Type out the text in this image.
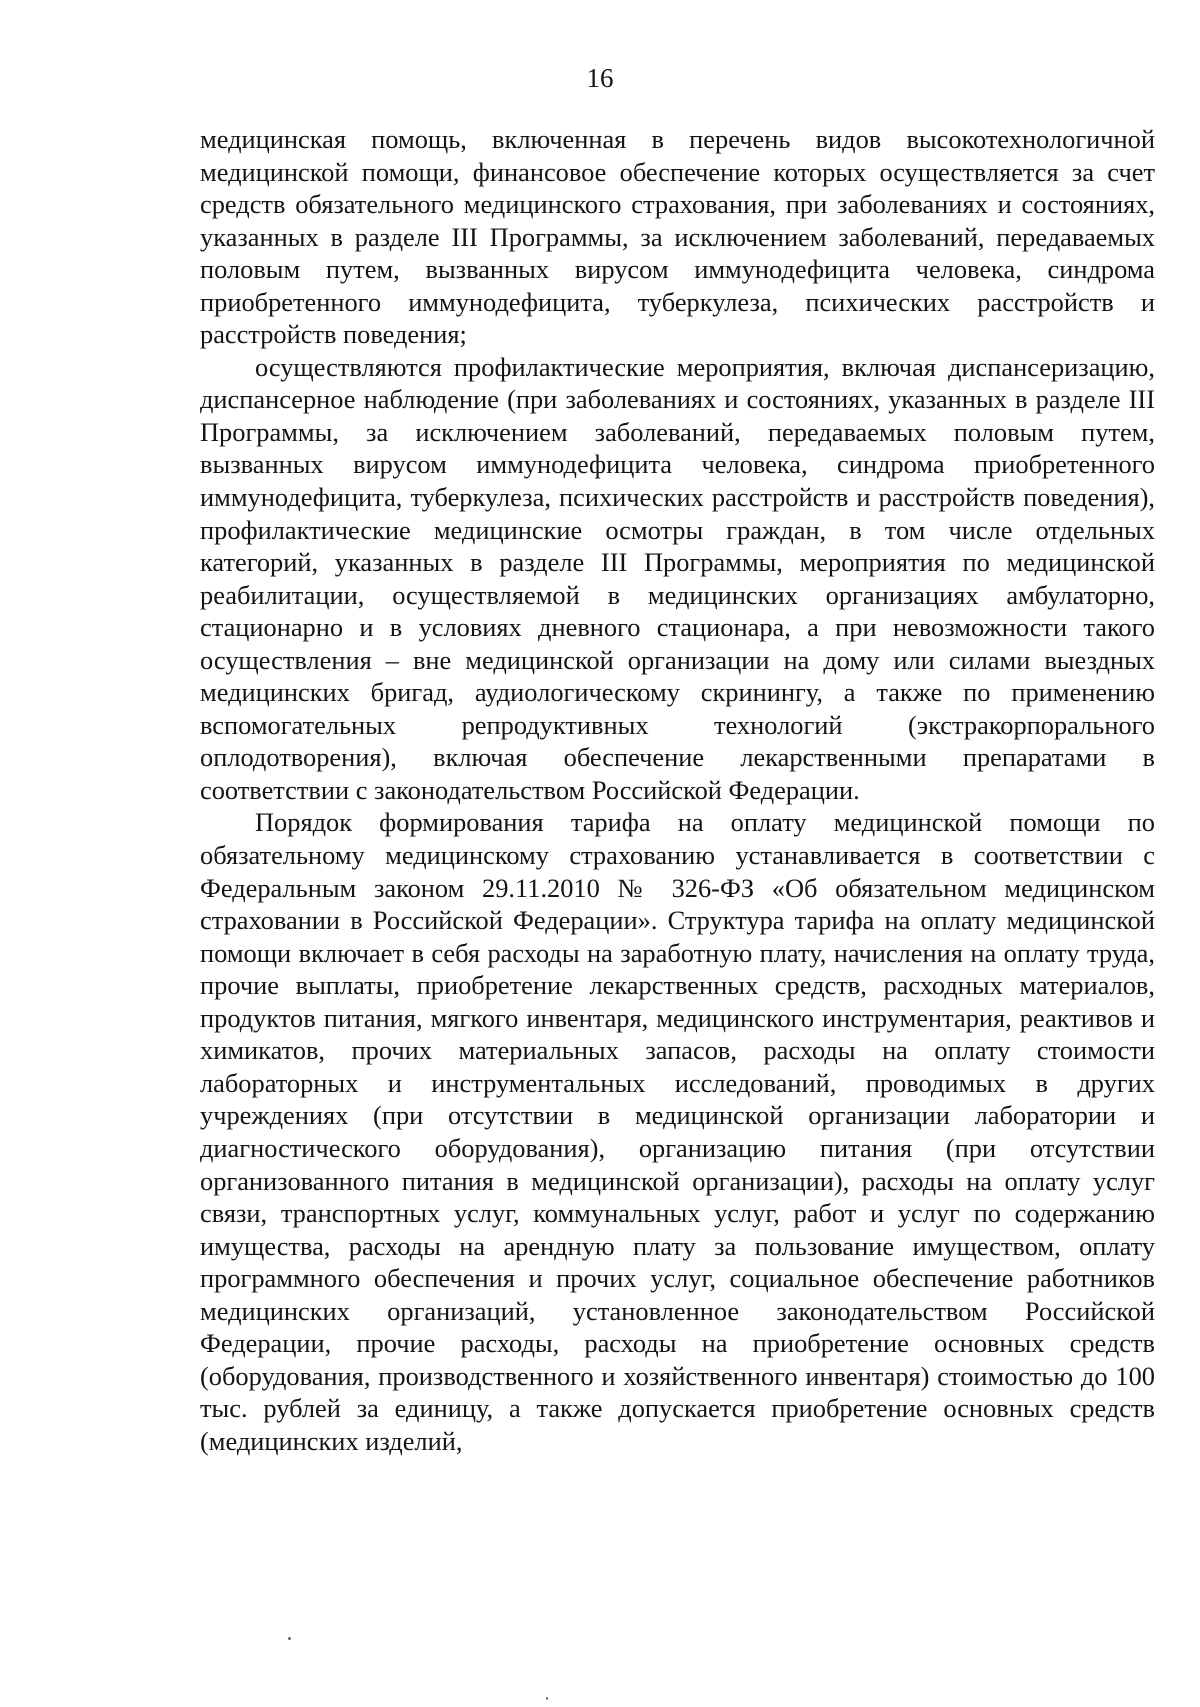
16

медицинская помощь, включенная в перечень видов высокотехнологичной медицинской помощи, финансовое обеспечение которых осуществляется за счет средств обязательного медицинского страхования, при заболеваниях и состояниях, указанных в разделе III Программы, за исключением заболеваний, передаваемых половым путем, вызванных вирусом иммунодефицита человека, синдрома приобретенного иммунодефицита, туберкулеза, психических расстройств и расстройств поведения;

осуществляются профилактические мероприятия, включая диспансеризацию, диспансерное наблюдение (при заболеваниях и состояниях, указанных в разделе III Программы, за исключением заболеваний, передаваемых половым путем, вызванных вирусом иммунодефицита человека, синдрома приобретенного иммунодефицита, туберкулеза, психических расстройств и расстройств поведения), профилактические медицинские осмотры граждан, в том числе отдельных категорий, указанных в разделе III Программы, мероприятия по медицинской реабилитации, осуществляемой в медицинских организациях амбулаторно, стационарно и в условиях дневного стационара, а при невозможности такого осуществления – вне медицинской организации на дому или силами выездных медицинских бригад, аудиологическому скринингу, а также по применению вспомогательных репродуктивных технологий (экстракорпорального оплодотворения), включая обеспечение лекарственными препаратами в соответствии с законодательством Российской Федерации.

Порядок формирования тарифа на оплату медицинской помощи по обязательному медицинскому страхованию устанавливается в соответствии с Федеральным законом 29.11.2010 № 326-ФЗ «Об обязательном медицинском страховании в Российской Федерации». Структура тарифа на оплату медицинской помощи включает в себя расходы на заработную плату, начисления на оплату труда, прочие выплаты, приобретение лекарственных средств, расходных материалов, продуктов питания, мягкого инвентаря, медицинского инструментария, реактивов и химикатов, прочих материальных запасов, расходы на оплату стоимости лабораторных и инструментальных исследований, проводимых в других учреждениях (при отсутствии в медицинской организации лаборатории и диагностического оборудования), организацию питания (при отсутствии организованного питания в медицинской организации), расходы на оплату услуг связи, транспортных услуг, коммунальных услуг, работ и услуг по содержанию имущества, расходы на арендную плату за пользование имуществом, оплату программного обеспечения и прочих услуг, социальное обеспечение работников медицинских организаций, установленное законодательством Российской Федерации, прочие расходы, расходы на приобретение основных средств (оборудования, производственного и хозяйственного инвентаря) стоимостью до 100 тыс. рублей за единицу, а также допускается приобретение основных средств (медицинских изделий,
